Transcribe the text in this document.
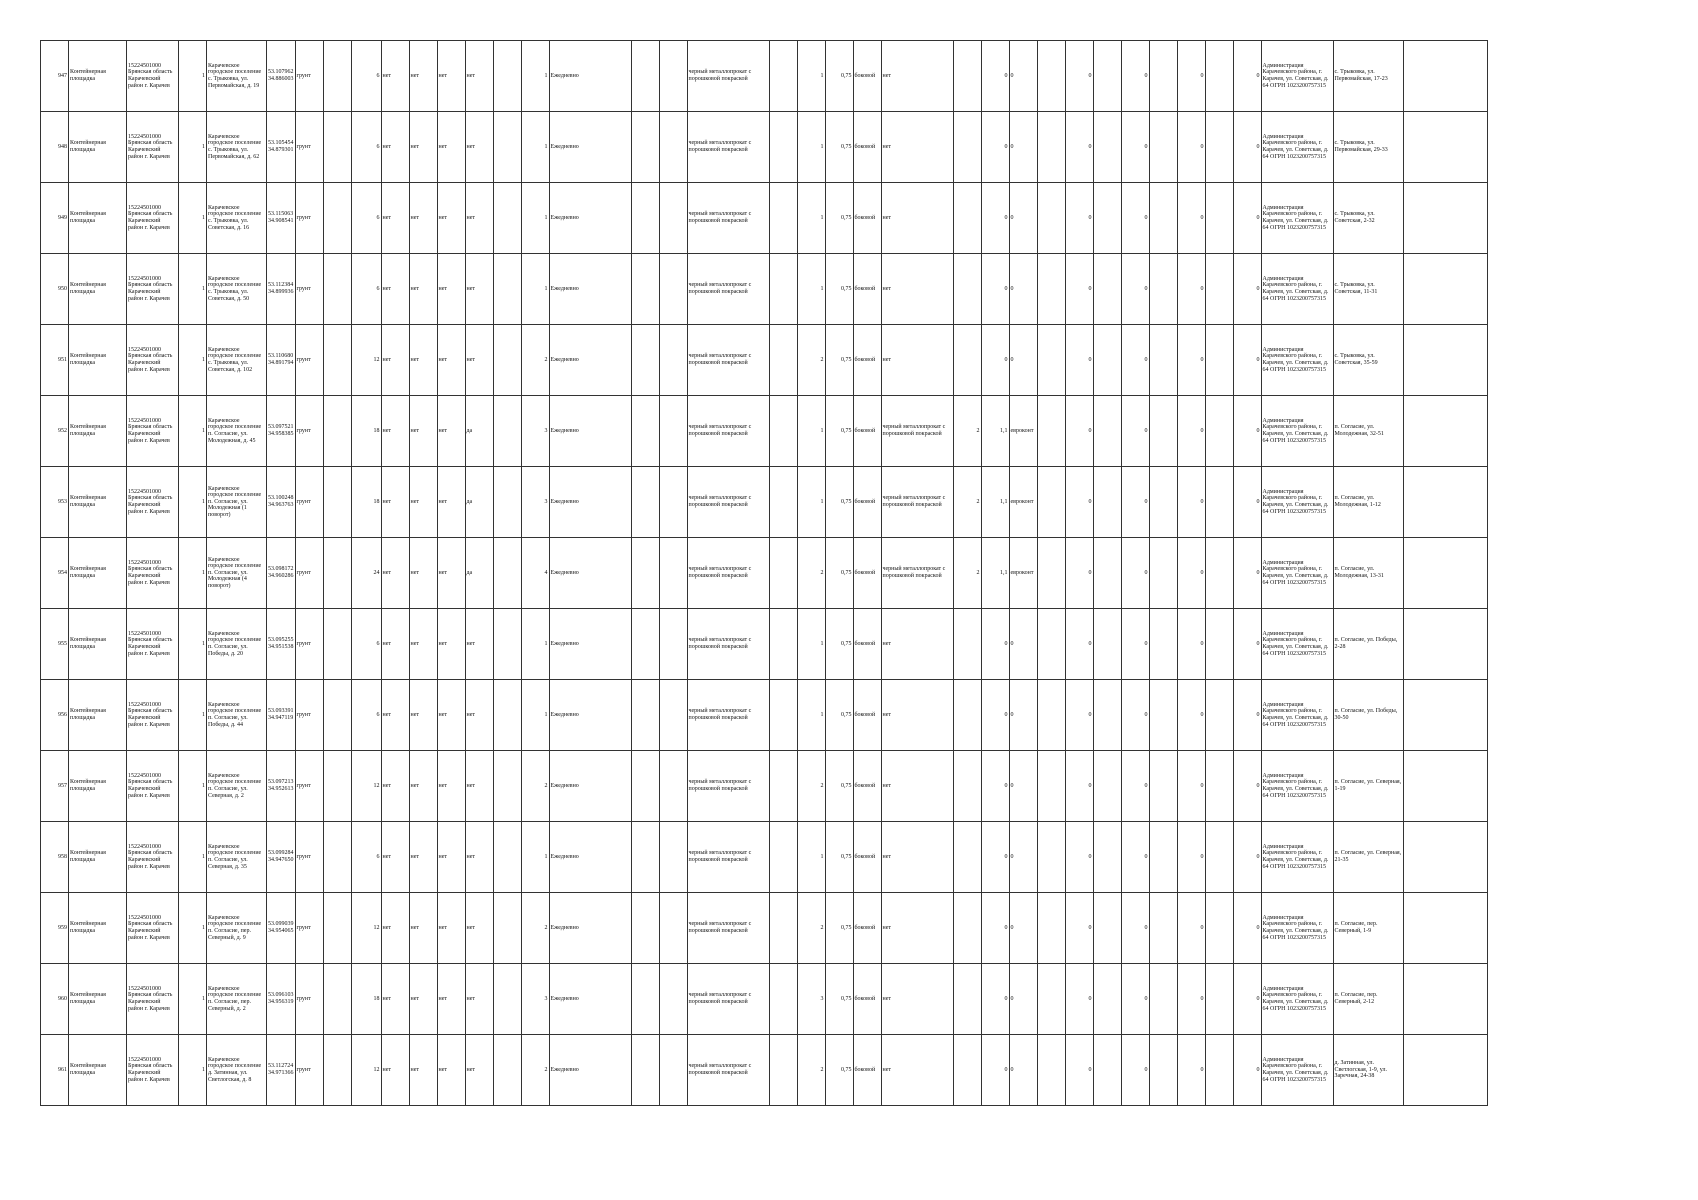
947	Контейнерная площадка	15224501000 Брянская область Карачевский район г. Карачев	1	Карачевское городское поселение с. Трыковка, ул. Первомайская, д. 19	53.107962 34.886003	грунт		6	нет	нет	нет	нет		1	Ежедневно			черный металлопрокат с порошковой покраской		1	0,75	боковой	нет		0	0		0		0		0		0	Администрация Карачевского района, г. Карачев, ул. Советская, д. 64 ОГРН 1023200757315	с. Трыковка, ул. Первомайская, 17-23	
948	Контейнерная площадка	15224501000 Брянская область Карачевский район г. Карачев	1	Карачевское городское поселение с. Трыковка, ул. Первомайская, д. 62	53.105454 34.879301	грунт		6	нет	нет	нет	нет		1	Ежедневно			черный металлопрокат с порошковой покраской		1	0,75	боковой	нет		0	0		0		0		0		0	Администрация Карачевского района, г. Карачев, ул. Советская, д. 64 ОГРН 1023200757315	с. Трыковка, ул. Первомайская, 29-33	
949	Контейнерная площадка	15224501000 Брянская область Карачевский район г. Карачев	1	Карачевское городское поселение с. Трыковка, ул. Советская, д. 16	53.115063 34.908541	грунт		6	нет	нет	нет	нет		1	Ежедневно			черный металлопрокат с порошковой покраской		1	0,75	боковой	нет		0	0		0		0		0		0	Администрация Карачевского района, г. Карачев, ул. Советская, д. 64 ОГРН 1023200757315	с. Трыковка, ул. Советская, 2-32	
950	Контейнерная площадка	15224501000 Брянская область Карачевский район г. Карачев	1	Карачевское городское поселение с. Трыковка, ул. Советская, д. 50	53.112384 34.899936	грунт		6	нет	нет	нет	нет		1	Ежедневно			черный металлопрокат с порошковой покраской		1	0,75	боковой	нет		0	0		0		0		0		0	Администрация Карачевского района, г. Карачев, ул. Советская, д. 64 ОГРН 1023200757315	с. Трыковка, ул. Советская, 11-31	
951	Контейнерная площадка	15224501000 Брянская область Карачевский район г. Карачев	1	Карачевское городское поселение с. Трыковка, ул. Советская, д. 102	53.110680 34.891794	грунт		12	нет	нет	нет	нет		2	Ежедневно			черный металлопрокат с порошковой покраской		2	0,75	боковой	нет		0	0		0		0		0		0	Администрация Карачевского района, г. Карачев, ул. Советская, д. 64 ОГРН 1023200757315	с. Трыковка, ул. Советская, 35-59	
952	Контейнерная площадка	15224501000 Брянская область Карачевский район г. Карачев	1	Карачевское городское поселение п. Согласие, ул. Молодежная, д. 45	53.097521 34.958385	грунт		18	нет	нет	нет	да		3	Ежедневно			черный металлопрокат с порошковой покраской		1	0,75	боковой	черный металлопрокат с порошковой покраской	2	1,1	евроконт		0		0		0		0	Администрация Карачевского района, г. Карачев, ул. Советская, д. 64 ОГРН 1023200757315	п. Согласие, ул. Молодежная, 32-51	
953	Контейнерная площадка	15224501000 Брянская область Карачевский район г. Карачев	1	Карачевское городское поселение п. Согласие, ул. Молодежная (1 поворот)	53.100248 34.963763	грунт		18	нет	нет	нет	да		3	Ежедневно			черный металлопрокат с порошковой покраской		1	0,75	боковой	черный металлопрокат с порошковой покраской	2	1,1	евроконт		0		0		0		0	Администрация Карачевского района, г. Карачев, ул. Советская, д. 64 ОГРН 1023200757315	п. Согласие, ул. Молодежная, 1-12	
954	Контейнерная площадка	15224501000 Брянская область Карачевский район г. Карачев	1	Карачевское городское поселение п. Согласие, ул. Молодежная (4 поворот)	53.098172 34.960286	грунт		24	нет	нет	нет	да		4	Ежедневно			черный металлопрокат с порошковой покраской		2	0,75	боковой	черный металлопрокат с порошковой покраской	2	1,1	евроконт		0		0		0		0	Администрация Карачевского района, г. Карачев, ул. Советская, д. 64 ОГРН 1023200757315	п. Согласие, ул. Молодежная, 13-31	
955	Контейнерная площадка	15224501000 Брянская область Карачевский район г. Карачев	1	Карачевское городское поселение п. Согласие, ул. Победы, д. 20	53.095255 34.951538	грунт		6	нет	нет	нет	нет		1	Ежедневно			черный металлопрокат с порошковой покраской		1	0,75	боковой	нет		0	0		0		0		0		0	Администрация Карачевского района, г. Карачев, ул. Советская, д. 64 ОГРН 1023200757315	п. Согласие, ул. Победы, 2-28	
956	Контейнерная площадка	15224501000 Брянская область Карачевский район г. Карачев	1	Карачевское городское поселение п. Согласие, ул. Победы, д. 44	53.093391 34.947119	грунт		6	нет	нет	нет	нет		1	Ежедневно			черный металлопрокат с порошковой покраской		1	0,75	боковой	нет		0	0		0		0		0		0	Администрация Карачевского района, г. Карачев, ул. Советская, д. 64 ОГРН 1023200757315	п. Согласие, ул. Победы, 30-50	
957	Контейнерная площадка	15224501000 Брянская область Карачевский район г. Карачев	1	Карачевское городское поселение п. Согласие, ул. Северная, д. 2	53.097213 34.952613	грунт		12	нет	нет	нет	нет		2	Ежедневно			черный металлопрокат с порошковой покраской		2	0,75	боковой	нет		0	0		0		0		0		0	Администрация Карачевского района, г. Карачев, ул. Советская, д. 64 ОГРН 1023200757315	п. Согласие, ул. Северная, 1-19	
958	Контейнерная площадка	15224501000 Брянская область Карачевский район г. Карачев	1	Карачевское городское поселение п. Согласие, ул. Северная, д. 35	53.099284 34.947650	грунт		6	нет	нет	нет	нет		1	Ежедневно			черный металлопрокат с порошковой покраской		1	0,75	боковой	нет		0	0		0		0		0		0	Администрация Карачевского района, г. Карачев, ул. Советская, д. 64 ОГРН 1023200757315	п. Согласие, ул. Северная, 21-35	
959	Контейнерная площадка	15224501000 Брянская область Карачевский район г. Карачев	1	Карачевское городское поселение п. Согласие, пер. Северный, д. 9	53.099039 34.954065	грунт		12	нет	нет	нет	нет		2	Ежедневно			черный металлопрокат с порошковой покраской		2	0,75	боковой	нет		0	0		0		0		0		0	Администрация Карачевского района, г. Карачев, ул. Советская, д. 64 ОГРН 1023200757315	п. Согласие, пер. Северный, 1-9	
960	Контейнерная площадка	15224501000 Брянская область Карачевский район г. Карачев	1	Карачевское городское поселение п. Согласие, пер. Северный, д. 2	53.096103 34.956319	грунт		18	нет	нет	нет	нет		3	Ежедневно			черный металлопрокат с порошковой покраской		3	0,75	боковой	нет		0	0		0		0		0		0	Администрация Карачевского района, г. Карачев, ул. Советская, д. 64 ОГРН 1023200757315	п. Согласие, пер. Северный, 2-12	
961	Контейнерная площадка	15224501000 Брянская область Карачевский район г. Карачев	1	Карачевское городское поселение д. Затинная, ул. Светлогская, д. 8	53.112724 34.971366	грунт		12	нет	нет	нет	нет		2	Ежедневно			черный металлопрокат с порошковой покраской		2	0,75	боковой	нет		0	0		0		0		0		0	Администрация Карачевского района, г. Карачев, ул. Советская, д. 64 ОГРН 1023200757315	д. Затинная, ул. Светлогская, 1-9, ул. Заречная, 24-38	
